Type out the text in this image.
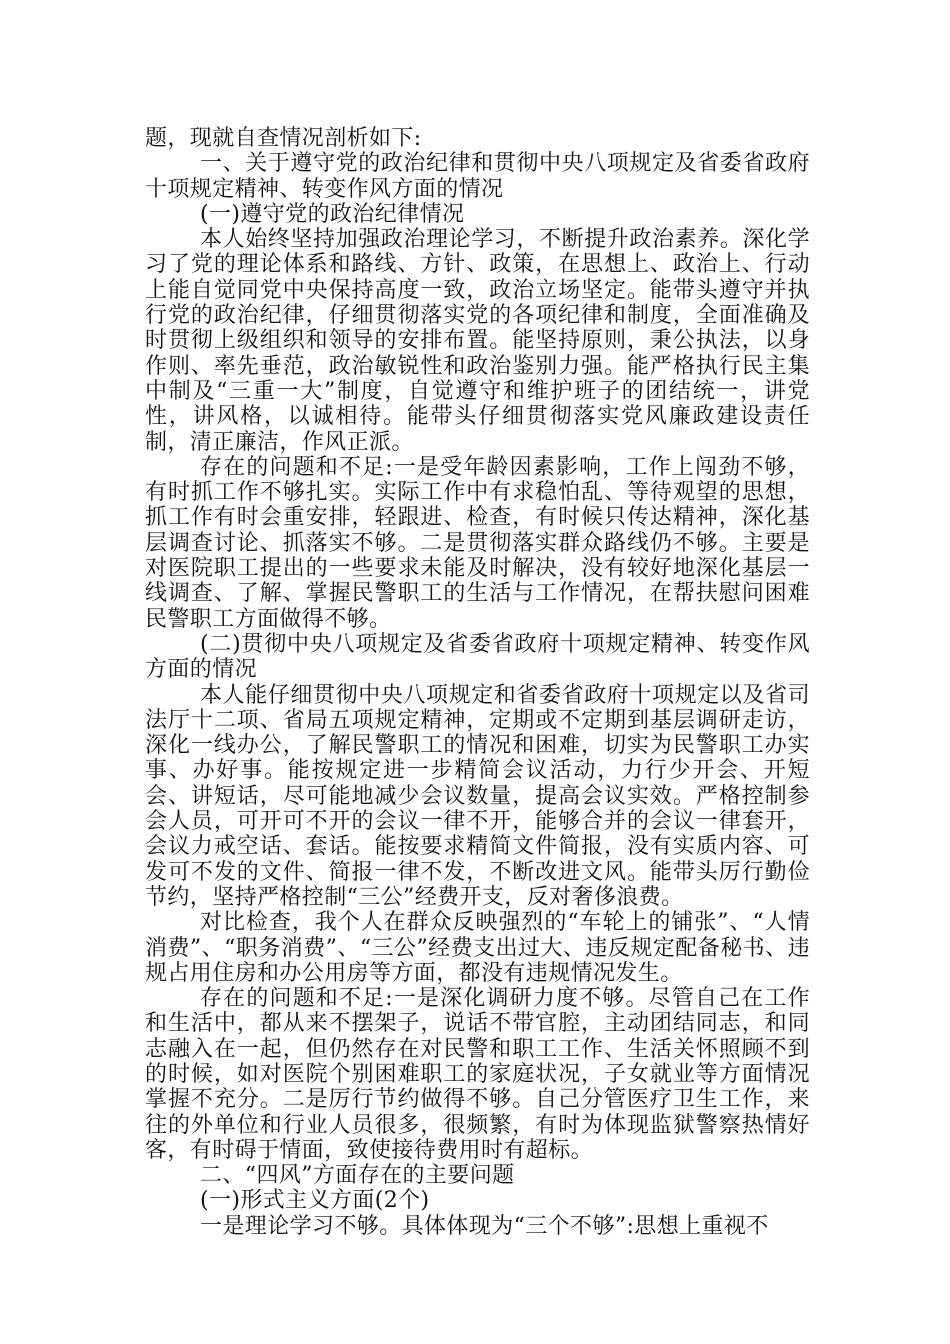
题，现就自查情况剖析如下:

一、关于遵守党的政治纪律和贯彻中央八项规定及省委省政府十项规定精神、转变作风方面的情况

(一)遵守党的政治纪律情况

本人始终坚持加强政治理论学习，不断提升政治素养。深化学习了党的理论体系和路线、方针、政策，在思想上、政治上、行动上能自觉同党中央保持高度一致，政治立场坚定。能带头遵守并执行党的政治纪律，仔细贯彻落实党的各项纪律和制度，全面准确及时贯彻上级组织和领导的安排布置。能坚持原则，秉公执法，以身作则、率先垂范，政治敏锐性和政治鉴别力强。能严格执行民主集中制及“三重一大”制度，自觉遵守和维护班子的团结统一，讲党性，讲风格，以诚相待。能带头仔细贯彻落实党风廉政建设责任制，清正廉洁，作风正派。

存在的问题和不足:一是受年龄因素影响，工作上闯劲不够，有时抓工作不够扎实。实际工作中有求稳怕乱、等待观望的思想，抓工作有时会重安排，轻跟进、检查，有时候只传达精神，深化基层调查讨论、抓落实不够。二是贯彻落实群众路线仍不够。主要是对医院职工提出的一些要求未能及时解决，没有较好地深化基层一线调查、了解、掌握民警职工的生活与工作情况，在帮扶慰问困难民警职工方面做得不够。

(二)贯彻中央八项规定及省委省政府十项规定精神、转变作风方面的情况

本人能仔细贯彻中央八项规定和省委省政府十项规定以及省司法厅十二项、省局五项规定精神，定期或不定期到基层调研走访，深化一线办公，了解民警职工的情况和困难，切实为民警职工办实事、办好事。能按规定进一步精简会议活动，力行少开会、开短会、讲短话，尽可能地减少会议数量，提高会议实效。严格控制参会人员，可开可不开的会议一律不开，能够合并的会议一律套开，会议力戒空话、套话。能按要求精简文件简报，没有实质内容、可发可不发的文件、简报一律不发，不断改进文风。能带头厉行勤俭节约，坚持严格控制“三公”经费开支，反对奢侈浪费。

对比检查，我个人在群众反映强烈的“车轮上的铺张”、“人情消费”、“职务消费”、“三公”经费支出过大、违反规定配备秘书、违规占用住房和办公用房等方面，都没有违规情况发生。

存在的问题和不足:一是深化调研力度不够。尽管自己在工作和生活中，都从来不摆架子，说话不带官腔，主动团结同志，和同志融入在一起，但仍然存在对民警和职工工作、生活关怀照顾不到的时候，如对医院个别困难职工的家庭状况，子女就业等方面情况掌握不充分。二是厉行节约做得不够。自己分管医疗卫生工作，来往的外单位和行业人员很多，很频繁，有时为体现监狱警察热情好客，有时碍于情面，致使接待费用时有超标。

二、“四风”方面存在的主要问题

(一)形式主义方面(2个)

一是理论学习不够。具体体现为“三个不够”:思想上重视不
